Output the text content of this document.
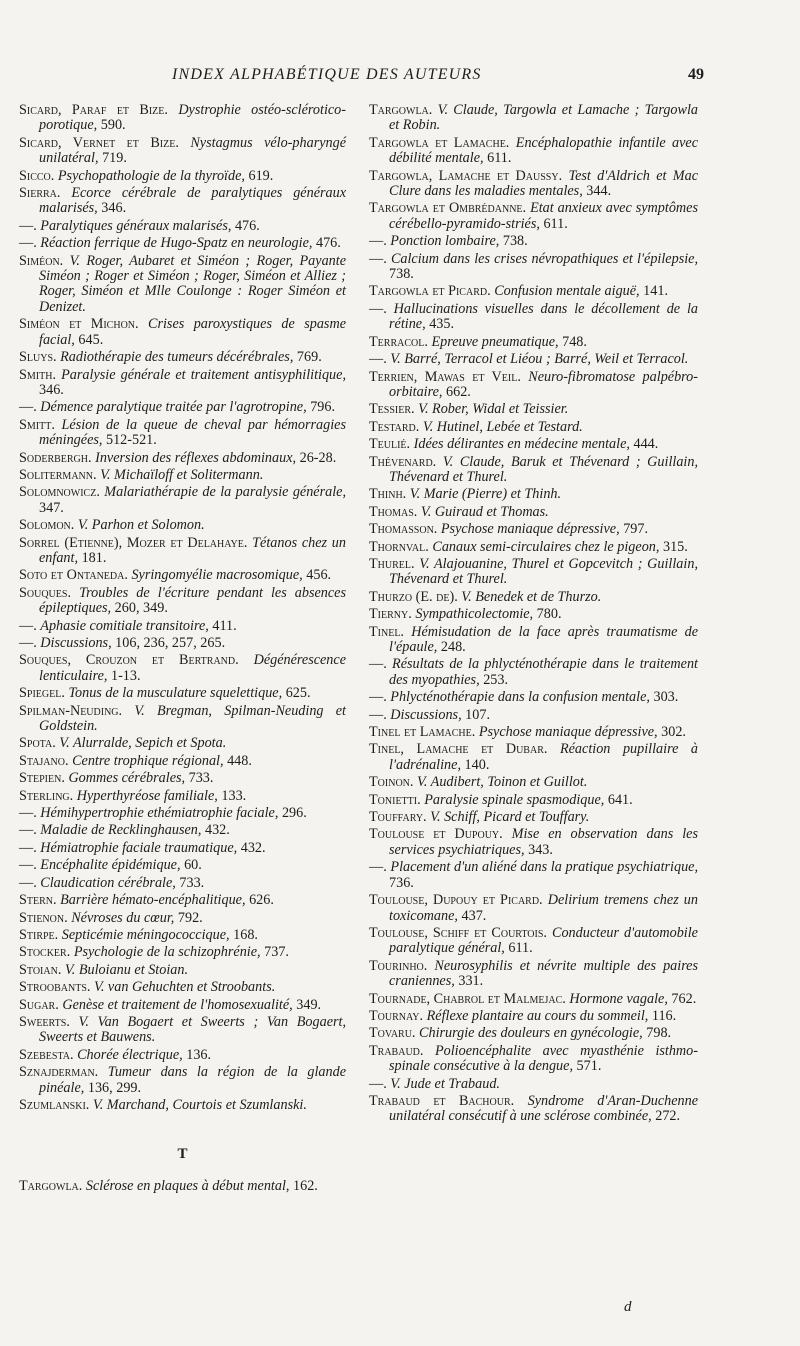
INDEX ALPHABÉTIQUE DES AUTEURS	49

Sicard, Paraf et Bize. Dystrophie ostéo-sclérotico-porotique, 590.

Sicard, Vernet et Bize. Nystagmus vélo-pharyngé unilatéral, 719.

Sicco. Psychopathologie de la thyroïde, 619.

Sierra. Ecorce cérébrale de paralytiques généraux malarisés, 346.

—. Paralytiques généraux malarisés, 476.

—. Réaction ferrique de Hugo-Spatz en neurologie, 476.

Siméon. V. Roger, Aubaret et Siméon ; Roger, Payante Siméon ; Roger et Siméon ; Roger, Siméon et Alliez ; Roger, Siméon et Mlle Coulonge : Roger Siméon et Denizet.

Siméon et Michon. Crises paroxystiques de spasme facial, 645.

Sluys. Radiothérapie des tumeurs décérébrales, 769.

Smith. Paralysie générale et traitement antisyphilitique, 346.

—. Démence paralytique traitée par l'agrotropine, 796.

Smitt. Lésion de la queue de cheval par hémorragies méningées, 512-521.

Soderbergh. Inversion des réflexes abdominaux, 26-28.

Solitermann. V. Michaïloff et Solitermann.

Solomnowicz. Malariathérapie de la paralysie générale, 347.

Solomon. V. Parhon et Solomon.

Sorrel (Etienne), Mozer et Delahaye. Tétanos chez un enfant, 181.

Soto et Ontaneda. Syringomyélie macrosomique, 456.

Souques. Troubles de l'écriture pendant les absences épileptiques, 260, 349.

—. Aphasie comitiale transitoire, 411.

—. Discussions, 106, 236, 257, 265.

Souques, Crouzon et Bertrand. Dégénérescence lenticulaire, 1-13.

Spiegel. Tonus de la musculature squelettique, 625.

Spilman-Neuding. V. Bregman, Spilman-Neuding et Goldstein.

Spota. V. Alurralde, Sepich et Spota.

Stajano. Centre trophique régional, 448.

Stepien. Gommes cérébrales, 733.

Sterling. Hyperthyréose familiale, 133.

—. Hémihypertrophie ethémiatrophie faciale, 296.

—. Maladie de Recklinghausen, 432.

—. Hémiatrophie faciale traumatique, 432.

—. Encéphalite épidémique, 60.

—. Claudication cérébrale, 733.

Stern. Barrière hémato-encéphalitique, 626.

Stienon. Névroses du cœur, 792.

Stirpe. Septicémie méningococcique, 168.

Stocker. Psychologie de la schizophrénie, 737.

Stoian. V. Buloianu et Stoian.

Stroobants. V. van Gehuchten et Stroobants.

Sugar. Genèse et traitement de l'homosexualité, 349.

Sweerts. V. Van Bogaert et Sweerts ; Van Bogaert, Sweerts et Bauwens.

Szebesta. Chorée électrique, 136.

Sznajderman. Tumeur dans la région de la glande pinéale, 136, 299.

Szumlanski. V. Marchand, Courtois et Szumlanski.

T

Targowla. Sclérose en plaques à début mental, 162.

Targowla. V. Claude, Targowla et Lamache ; Targowla et Robin.

Targowla et Lamache. Encéphalopathie infantile avec débilité mentale, 611.

Targowla, Lamache et Daussy. Test d'Aldrich et Mac Clure dans les maladies mentales, 344.

Targowla et Ombrédanne. Etat anxieux avec symptômes cérébello-pyramido-striés, 611.

—. Ponction lombaire, 738.

—. Calcium dans les crises névropathiques et l'épilepsie, 738.

Targowla et Picard. Confusion mentale aiguë, 141.

—. Hallucinations visuelles dans le décollement de la rétine, 435.

Terracol. Epreuve pneumatique, 748.

—. V. Barré, Terracol et Liéou ; Barré, Weil et Terracol.

Terrien, Mawas et Veil. Neuro-fibromatose palpébro-orbitaire, 662.

Tessier. V. Rober, Widal et Teissier.

Testard. V. Hutinel, Lebée et Testard.

Teulié. Idées délirantes en médecine mentale, 444.

Thévenard. V. Claude, Baruk et Thévenard ; Guillain, Thévenard et Thurel.

Thinh. V. Marie (Pierre) et Thinh.

Thomas. V. Guiraud et Thomas.

Thomasson. Psychose maniaque dépressive, 797.

Thornval. Canaux semi-circulaires chez le pigeon, 315.

Thurel. V. Alajouanine, Thurel et Gopcevitch ; Guillain, Thévenard et Thurel.

Thurzo (E. de). V. Benedek et de Thurzo.

Tierny. Sympathicolectomie, 780.

Tinel. Hémisudation de la face après traumatisme de l'épaule, 248.

—. Résultats de la phlycténothérapie dans le traitement des myopathies, 253.

—. Phlycténothérapie dans la confusion mentale, 303.

—. Discussions, 107.

Tinel et Lamache. Psychose maniaque dépressive, 302.

Tinel, Lamache et Dubar. Réaction pupillaire à l'adrénaline, 140.

Toinon. V. Audibert, Toinon et Guillot.

Tonietti. Paralysie spinale spasmodique, 641.

Touffary. V. Schiff, Picard et Touffary.

Toulouse et Dupouy. Mise en observation dans les services psychiatriques, 343.

—. Placement d'un aliéné dans la pratique psychiatrique, 736.

Toulouse, Dupouy et Picard. Delirium tremens chez un toxicomane, 437.

Toulouse, Schiff et Courtois. Conducteur d'automobile paralytique général, 611.

Tourinho. Neurosyphilis et névrite multiple des paires craniennes, 331.

Tournade, Chabrol et Malmejac. Hormone vagale, 762.

Tournay. Réflexe plantaire au cours du sommeil, 116.

Tovaru. Chirurgie des douleurs en gynécologie, 798.

Trabaud. Polioencéphalite avec myasthénie isthmo-spinale consécutive à la dengue, 571.

—. V. Jude et Trabaud.

Trabaud et Bachour. Syndrome d'Aran-Duchenne unilatéral consécutif à une sclérose combinée, 272.

d
